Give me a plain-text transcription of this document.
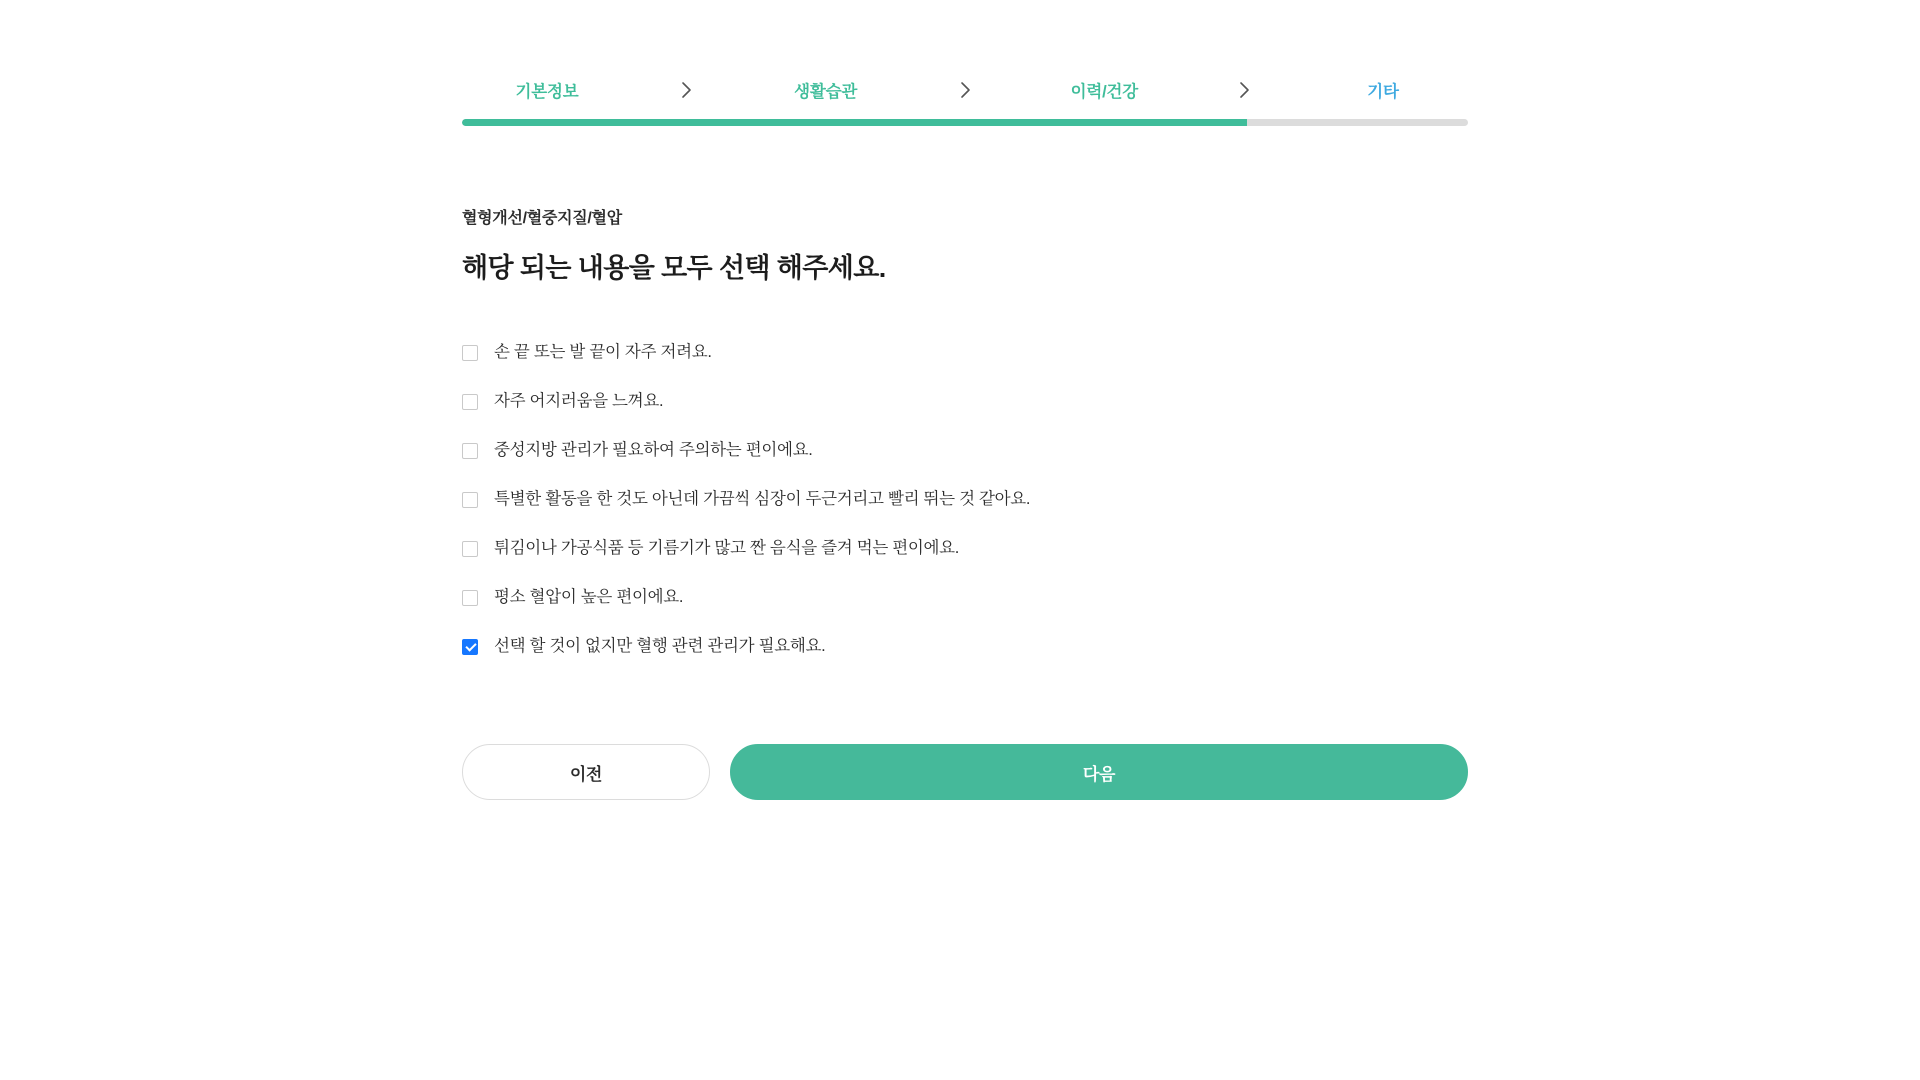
기본정보	생활습관	이력/건강	기타

혈형개선/혈중지질/혈압

해당 되는 내용을 모두 선택 해주세요.
손 끝 또는 발 끝이 자주 저려요.
자주 어지러움을 느껴요.
중성지방 관리가 필요하여 주의하는 편이에요.
특별한 활동을 한 것도 아닌데 가끔씩 심장이 두근거리고 빨리 뛰는 것 같아요.
튀김이나 가공식품 등 기름기가 많고 짠 음식을 즐겨 먹는 편이에요.
평소 혈압이 높은 편이에요.
선택 할 것이 없지만 혈행 관련 관리가 필요해요.
이전	다음
